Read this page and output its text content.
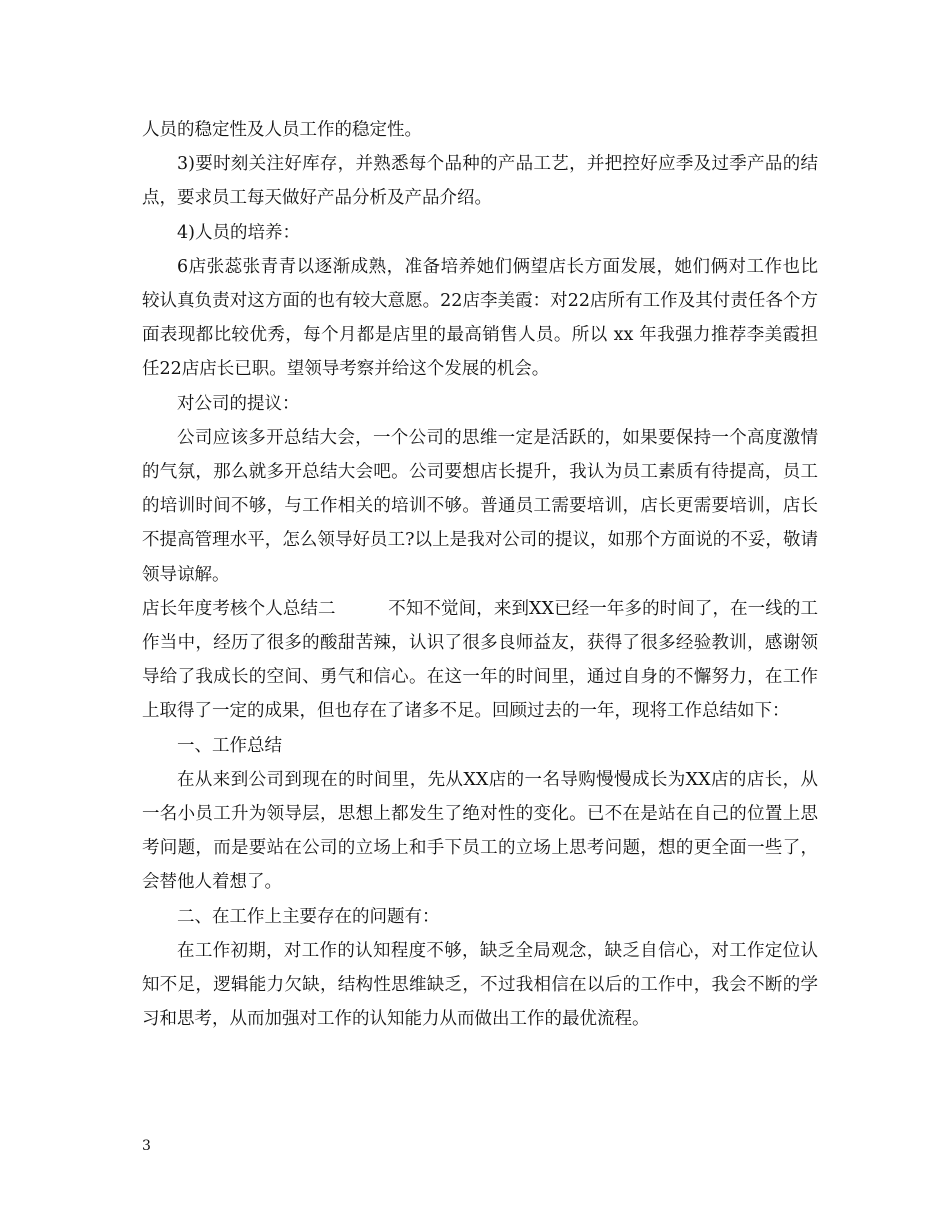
人员的稳定性及人员工作的稳定性。

3)要时刻关注好库存，并熟悉每个品种的产品工艺，并把控好应季及过季产品的结点，要求员工每天做好产品分析及产品介绍。

4)人员的培养：

6店张蕊张青青以逐渐成熟，准备培养她们俩望店长方面发展，她们俩对工作也比较认真负责对这方面的也有较大意愿。22店李美霞：对22店所有工作及其付责任各个方面表现都比较优秀，每个月都是店里的最高销售人员。所以 xx 年我强力推荐李美霞担任22店店长已职。望领导考察并给这个发展的机会。

对公司的提议：

公司应该多开总结大会，一个公司的思维一定是活跃的，如果要保持一个高度激情的气氛，那么就多开总结大会吧。公司要想店长提升，我认为员工素质有待提高，员工的培训时间不够，与工作相关的培训不够。普通员工需要培训，店长更需要培训，店长不提高管理水平，怎么领导好员工?以上是我对公司的提议，如那个方面说的不妥，敬请领导谅解。

店长年度考核个人总结二	不知不觉间，来到XX已经一年多的时间了，在一线的工作当中，经历了很多的酸甜苦辣，认识了很多良师益友，获得了很多经验教训，感谢领导给了我成长的空间、勇气和信心。在这一年的时间里，通过自身的不懈努力，在工作上取得了一定的成果，但也存在了诸多不足。回顾过去的一年，现将工作总结如下：

一、工作总结

在从来到公司到现在的时间里，先从XX店的一名导购慢慢成长为XX店的店长，从一名小员工升为领导层，思想上都发生了绝对性的变化。已不在是站在自己的位置上思考问题，而是要站在公司的立场上和手下员工的立场上思考问题，想的更全面一些了，会替他人着想了。

二、在工作上主要存在的问题有：

在工作初期，对工作的认知程度不够，缺乏全局观念，缺乏自信心，对工作定位认知不足，逻辑能力欠缺，结构性思维缺乏，不过我相信在以后的工作中，我会不断的学习和思考，从而加强对工作的认知能力从而做出工作的最优流程。

3
